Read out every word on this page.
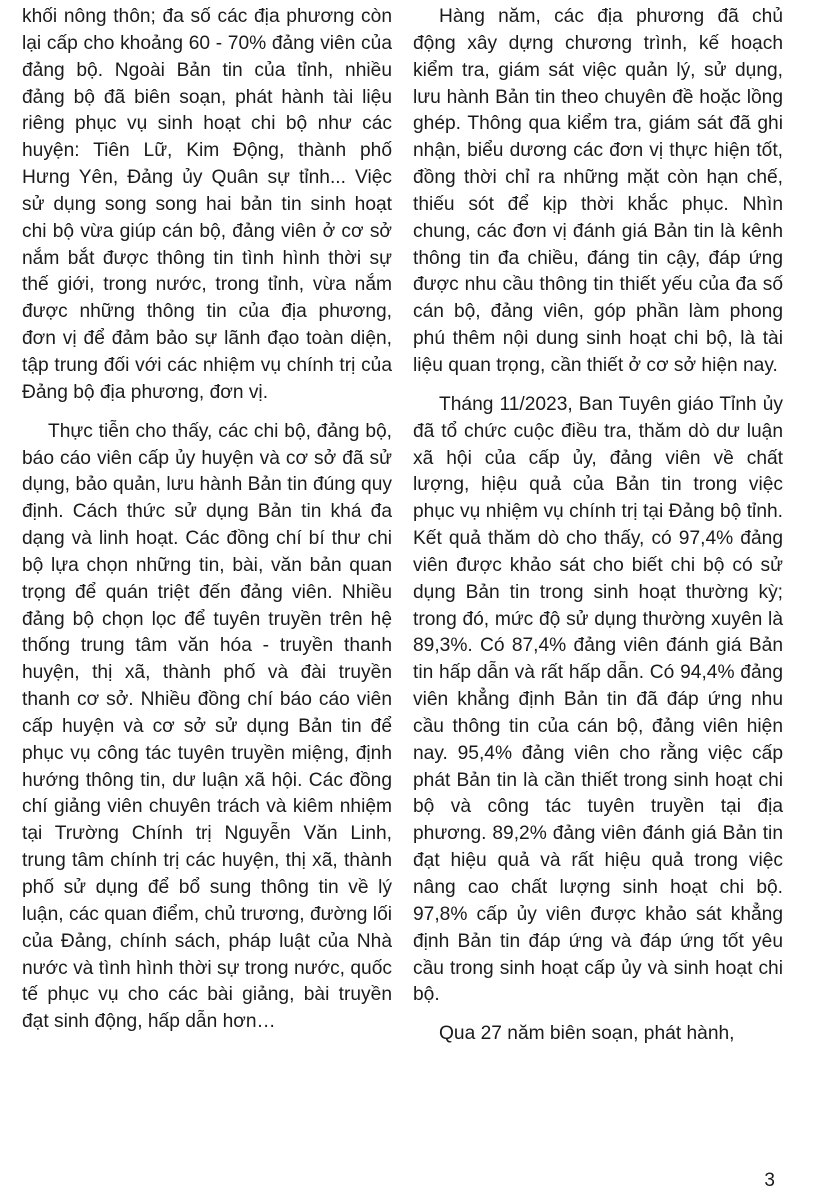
khối nông thôn; đa số các địa phương còn lại cấp cho khoảng 60 - 70% đảng viên của đảng bộ. Ngoài Bản tin của tỉnh, nhiều đảng bộ đã biên soạn, phát hành tài liệu riêng phục vụ sinh hoạt chi bộ như các huyện: Tiên Lữ, Kim Động, thành phố Hưng Yên, Đảng ủy Quân sự tỉnh... Việc sử dụng song song hai bản tin sinh hoạt chi bộ vừa giúp cán bộ, đảng viên ở cơ sở nắm bắt được thông tin tình hình thời sự thế giới, trong nước, trong tỉnh, vừa nắm được những thông tin của địa phương, đơn vị để đảm bảo sự lãnh đạo toàn diện, tập trung đối với các nhiệm vụ chính trị của Đảng bộ địa phương, đơn vị.

Thực tiễn cho thấy, các chi bộ, đảng bộ, báo cáo viên cấp ủy huyện và cơ sở đã sử dụng, bảo quản, lưu hành Bản tin đúng quy định. Cách thức sử dụng Bản tin khá đa dạng và linh hoạt. Các đồng chí bí thư chi bộ lựa chọn những tin, bài, văn bản quan trọng để quán triệt đến đảng viên. Nhiều đảng bộ chọn lọc để tuyên truyền trên hệ thống trung tâm văn hóa - truyền thanh huyện, thị xã, thành phố và đài truyền thanh cơ sở. Nhiều đồng chí báo cáo viên cấp huyện và cơ sở sử dụng Bản tin để phục vụ công tác tuyên truyền miệng, định hướng thông tin, dư luận xã hội. Các đồng chí giảng viên chuyên trách và kiêm nhiệm tại Trường Chính trị Nguyễn Văn Linh, trung tâm chính trị các huyện, thị xã, thành phố sử dụng để bổ sung thông tin về lý luận, các quan điểm, chủ trương, đường lối của Đảng, chính sách, pháp luật của Nhà nước và tình hình thời sự trong nước, quốc tế phục vụ cho các bài giảng, bài truyền đạt sinh động, hấp dẫn hơn…

Hàng năm, các địa phương đã chủ động xây dựng chương trình, kế hoạch kiểm tra, giám sát việc quản lý, sử dụng, lưu hành Bản tin theo chuyên đề hoặc lồng ghép. Thông qua kiểm tra, giám sát đã ghi nhận, biểu dương các đơn vị thực hiện tốt, đồng thời chỉ ra những mặt còn hạn chế, thiếu sót để kịp thời khắc phục. Nhìn chung, các đơn vị đánh giá Bản tin là kênh thông tin đa chiều, đáng tin cậy, đáp ứng được nhu cầu thông tin thiết yếu của đa số cán bộ, đảng viên, góp phần làm phong phú thêm nội dung sinh hoạt chi bộ, là tài liệu quan trọng, cần thiết ở cơ sở hiện nay.

Tháng 11/2023, Ban Tuyên giáo Tỉnh ủy đã tổ chức cuộc điều tra, thăm dò dư luận xã hội của cấp ủy, đảng viên về chất lượng, hiệu quả của Bản tin trong việc phục vụ nhiệm vụ chính trị tại Đảng bộ tỉnh. Kết quả thăm dò cho thấy, có 97,4% đảng viên được khảo sát cho biết chi bộ có sử dụng Bản tin trong sinh hoạt thường kỳ; trong đó, mức độ sử dụng thường xuyên là 89,3%. Có 87,4% đảng viên đánh giá Bản tin hấp dẫn và rất hấp dẫn. Có 94,4% đảng viên khẳng định Bản tin đã đáp ứng nhu cầu thông tin của cán bộ, đảng viên hiện nay. 95,4% đảng viên cho rằng việc cấp phát Bản tin là cần thiết trong sinh hoạt chi bộ và công tác tuyên truyền tại địa phương. 89,2% đảng viên đánh giá Bản tin đạt hiệu quả và rất hiệu quả trong việc nâng cao chất lượng sinh hoạt chi bộ. 97,8% cấp ủy viên được khảo sát khẳng định Bản tin đáp ứng và đáp ứng tốt yêu cầu trong sinh hoạt cấp ủy và sinh hoạt chi bộ.

Qua 27 năm biên soạn, phát hành,

3
